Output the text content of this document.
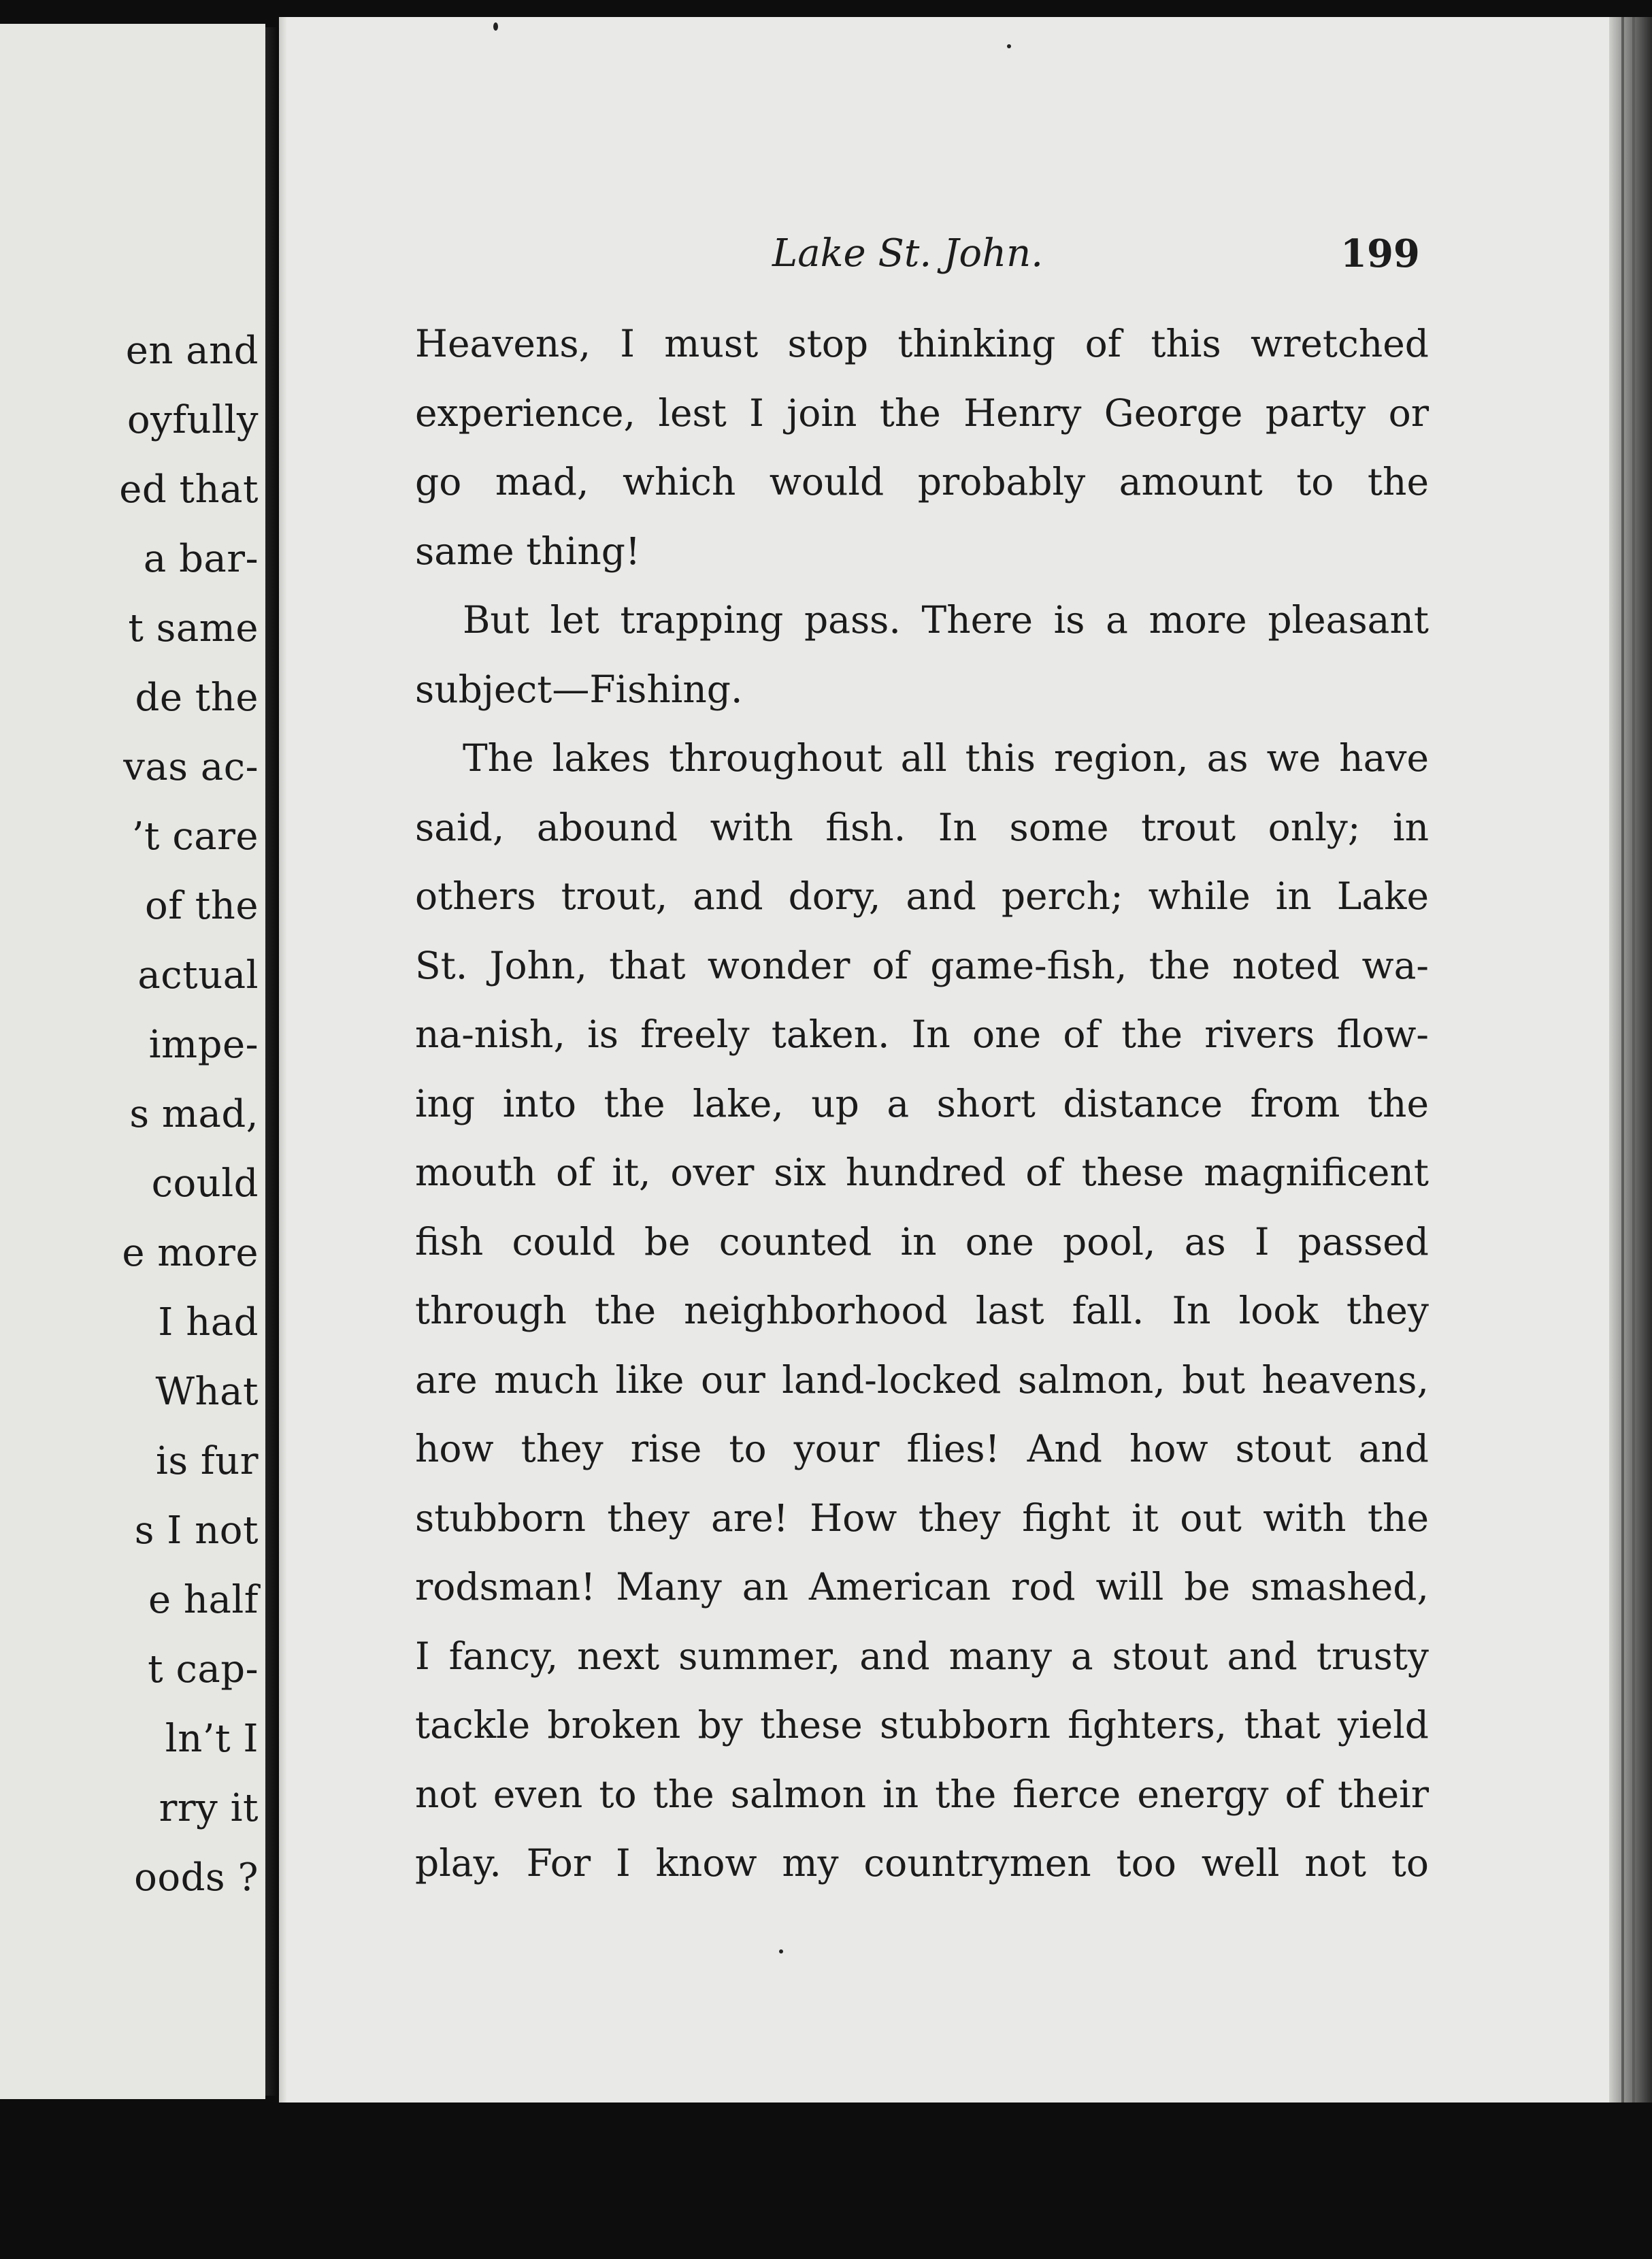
en and
oyfully
ed that
a bar-
t same
de the
vas ac-
’t care
of the
actual
impe-
s mad,
could
e more
I had
What
is fur
s I not
e half
t cap-
ln’t I
rry it
oods ?
Lake St. John.	199
Heavens, I must stop thinking of this wretched
experience, lest I join the Henry George party or
go mad, which would probably amount to the
same thing!
But let trapping pass. There is a more pleasant
subject—Fishing.
The lakes throughout all this region, as we have
said, abound with fish. In some trout only; in
others trout, and dory, and perch; while in Lake
St. John, that wonder of game-fish, the noted wa-
na-nish, is freely taken. In one of the rivers flow-
ing into the lake, up a short distance from the
mouth of it, over six hundred of these magnificent
fish could be counted in one pool, as I passed
through the neighborhood last fall. In look they
are much like our land-locked salmon, but heavens,
how they rise to your flies! And how stout and
stubborn they are! How they fight it out with the
rodsman! Many an American rod will be smashed,
I fancy, next summer, and many a stout and trusty
tackle broken by these stubborn fighters, that yield
not even to the salmon in the fierce energy of their
play. For I know my countrymen too well not to
